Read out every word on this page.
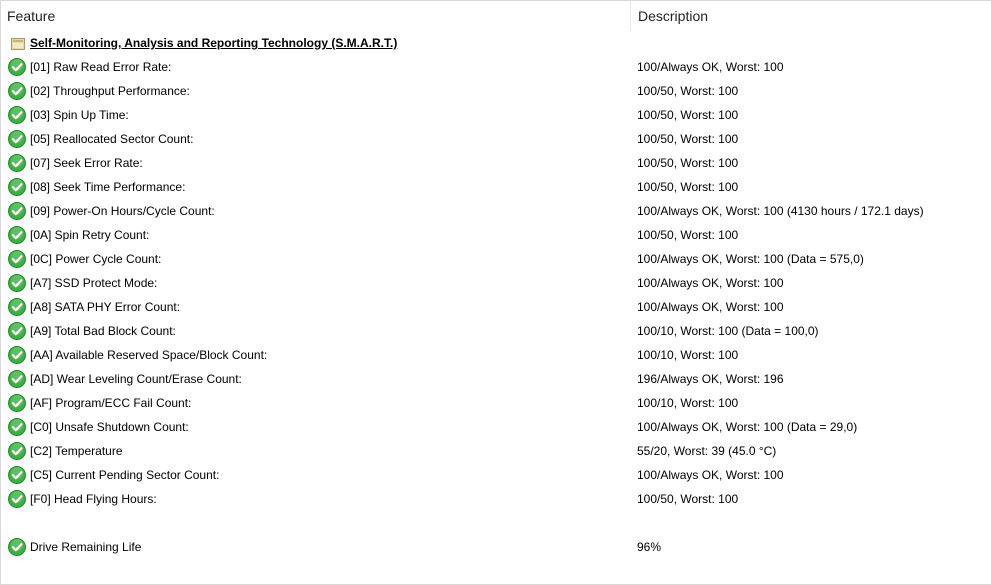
Feature	Description
Self-Monitoring, Analysis and Reporting Technology (S.M.A.R.T.)
[01] Raw Read Error Rate:	100/Always OK, Worst: 100
[02] Throughput Performance:	100/50, Worst: 100
[03] Spin Up Time:	100/50, Worst: 100
[05] Reallocated Sector Count:	100/50, Worst: 100
[07] Seek Error Rate:	100/50, Worst: 100
[08] Seek Time Performance:	100/50, Worst: 100
[09] Power-On Hours/Cycle Count:	100/Always OK, Worst: 100 (4130 hours / 172.1 days)
[0A] Spin Retry Count:	100/50, Worst: 100
[0C] Power Cycle Count:	100/Always OK, Worst: 100 (Data = 575,0)
[A7] SSD Protect Mode:	100/Always OK, Worst: 100
[A8] SATA PHY Error Count:	100/Always OK, Worst: 100
[A9] Total Bad Block Count:	100/10, Worst: 100 (Data = 100,0)
[AA] Available Reserved Space/Block Count:	100/10, Worst: 100
[AD] Wear Leveling Count/Erase Count:	196/Always OK, Worst: 196
[AF] Program/ECC Fail Count:	100/10, Worst: 100
[C0] Unsafe Shutdown Count:	100/Always OK, Worst: 100 (Data = 29,0)
[C2] Temperature	55/20, Worst: 39 (45.0 °C)
[C5] Current Pending Sector Count:	100/Always OK, Worst: 100
[F0] Head Flying Hours:	100/50, Worst: 100
Drive Remaining Life	96%
